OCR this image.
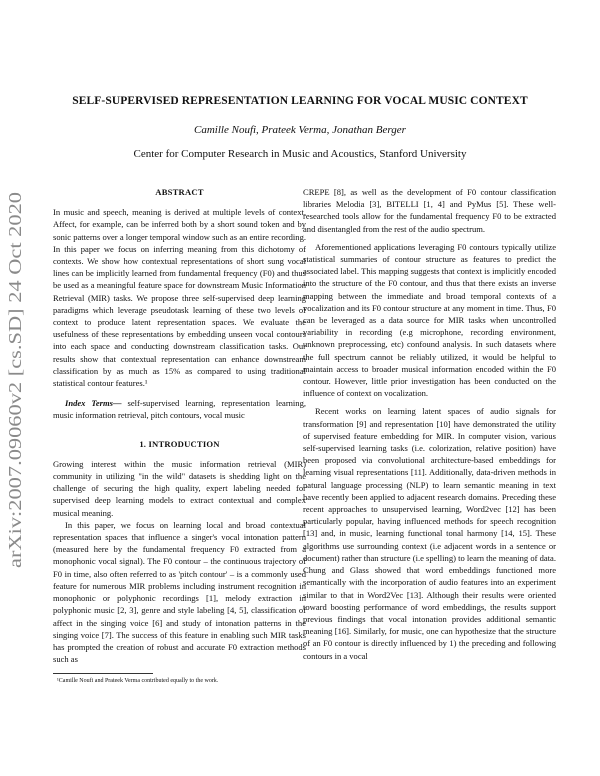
arXiv:2007.09060v2 [cs.SD] 24 Oct 2020
SELF-SUPERVISED REPRESENTATION LEARNING FOR VOCAL MUSIC CONTEXT

Camille Noufi, Prateek Verma, Jonathan Berger

Center for Computer Research in Music and Acoustics, Stanford University

ABSTRACT

In music and speech, meaning is derived at multiple levels of context. Affect, for example, can be inferred both by a short sound token and by sonic patterns over a longer temporal window such as an entire recording. In this paper we focus on inferring meaning from this dichotomy of contexts. We show how contextual representations of short sung vocal lines can be implicitly learned from fundamental frequency (F0) and thus be used as a meaningful feature space for downstream Music Information Retrieval (MIR) tasks. We propose three self-supervised deep learning paradigms which leverage pseudotask learning of these two levels of context to produce latent representation spaces. We evaluate the usefulness of these representations by embedding unseen vocal contours into each space and conducting downstream classification tasks. Our results show that contextual representation can enhance downstream classification by as much as 15% as compared to using traditional statistical contour features.¹

Index Terms— self-supervised learning, representation learning, music information retrieval, pitch contours, vocal music

1. INTRODUCTION

Growing interest within the music information retrieval (MIR) community in utilizing "in the wild" datasets is shedding light on the challenge of securing the high quality, expert labeling needed for supervised deep learning models to extract contextual and complex musical meaning.

In this paper, we focus on learning local and broad contextual representation spaces that influence a singer's vocal intonation pattern (measured here by the fundamental frequency F0 extracted from a monophonic vocal signal). The F0 contour – the continuous trajectory of F0 in time, also often referred to as 'pitch contour' – is a commonly used feature for numerous MIR problems including instrument recognition in monophonic or polyphonic recordings [1], melody extraction in polyphonic music [2, 3], genre and style labeling [4, 5], classification of affect in the singing voice [6] and study of intonation patterns in the singing voice [7]. The success of this feature in enabling such MIR tasks has prompted the creation of robust and accurate F0 extraction methods such as

¹Camille Noufi and Prateek Verma contributed equally to the work.

CREPE [8], as well as the development of F0 contour classification libraries Melodia [3], BITELLI [1, 4] and PyMus [5]. These well-researched tools allow for the fundamental frequency F0 to be extracted and disentangled from the rest of the audio spectrum.

Aforementioned applications leveraging F0 contours typically utilize statistical summaries of contour structure as features to predict the associated label. This mapping suggests that context is implicitly encoded into the structure of the F0 contour, and thus that there exists an inverse mapping between the immediate and broad temporal contexts of a vocalization and its F0 contour structure at any moment in time. Thus, F0 can be leveraged as a data source for MIR tasks when uncontrolled variability in recording (e.g microphone, recording environment, unknown preprocessing, etc) confound analysis. In such datasets where the full spectrum cannot be reliably utilized, it would be helpful to maintain access to broader musical information encoded within the F0 contour. However, little prior investigation has been conducted on the influence of context on vocalization.

Recent works on learning latent spaces of audio signals for transformation [9] and representation [10] have demonstrated the utility of supervised feature embedding for MIR. In computer vision, various self-supervised learning tasks (i.e. colorization, relative position) have been proposed via convolutional architecture-based embeddings for learning visual representations [11]. Additionally, data-driven methods in natural language processing (NLP) to learn semantic meaning in text have recently been applied to adjacent research domains. Preceding these recent approaches to unsupervised learning, Word2vec [12] has been particularly popular, having influenced methods for speech recognition [13] and, in music, learning functional tonal harmony [14, 15]. These algorithms use surrounding context (i.e adjacent words in a sentence or document) rather than structure (i.e spelling) to learn the meaning of data. Chung and Glass showed that word embeddings functioned more semantically with the incorporation of audio features into an experiment similar to that in Word2Vec [13]. Although their results were oriented toward boosting performance of word embeddings, the results support previous findings that vocal intonation provides additional semantic meaning [16]. Similarly, for music, one can hypothesize that the structure of an F0 contour is directly influenced by 1) the preceding and following contours in a vocal
